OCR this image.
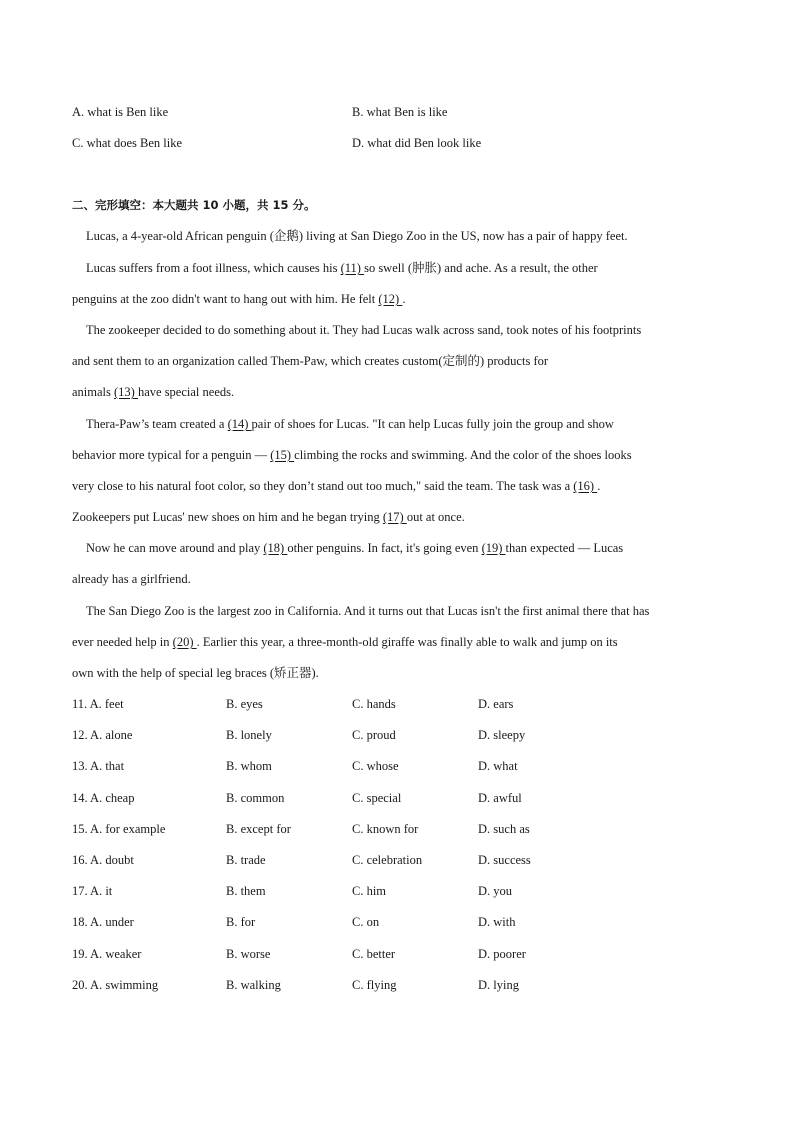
A. what is Ben like	B. what Ben is like
C. what does Ben like	D. what did Ben look like
二、完形填空：本大题共 10 小题，共 15 分。
Lucas, a 4-year-old African penguin (企鹅) living at San Diego Zoo in the US, now has a pair of happy feet.
Lucas suffers from a foot illness, which causes his (11) so swell (肿胀) and ache. As a result, the other
penguins at the zoo didn't want to hang out with him. He felt (12) .
The zookeeper decided to do something about it. They had Lucas walk across sand, took notes of his footprints
and sent them to an organization called Them-Paw, which creates custom(定制的) products for
animals (13) have special needs.
Thera-Paw’s team created a (14) pair of shoes for Lucas. "It can help Lucas fully join the group and show
behavior more typical for a penguin — (15) climbing the rocks and swimming. And the color of the shoes looks
very close to his natural foot color, so they don’t stand out too much," said the team. The task was a (16) .
Zookeepers put Lucas' new shoes on him and he began trying (17) out at once.
Now he can move around and play (18) other penguins. In fact, it's going even (19) than expected — Lucas
already has a girlfriend.
The San Diego Zoo is the largest zoo in California. And it turns out that Lucas isn't the first animal there that has
ever needed help in (20) . Earlier this year, a three-month-old giraffe was finally able to walk and jump on its
own with the help of special leg braces (矫正器).
11. A. feet	B. eyes	C. hands	D. ears
12. A. alone	B. lonely	C. proud	D. sleepy
13. A. that	B. whom	C. whose	D. what
14. A. cheap	B. common	C. special	D. awful
15. A. for example	B. except for	C. known for	D. such as
16. A. doubt	B. trade	C. celebration	D. success
17. A. it	B. them	C. him	D. you
18. A. under	B. for	C. on	D. with
19. A. weaker	B. worse	C. better	D. poorer
20. A. swimming	B. walking	C. flying	D. lying
